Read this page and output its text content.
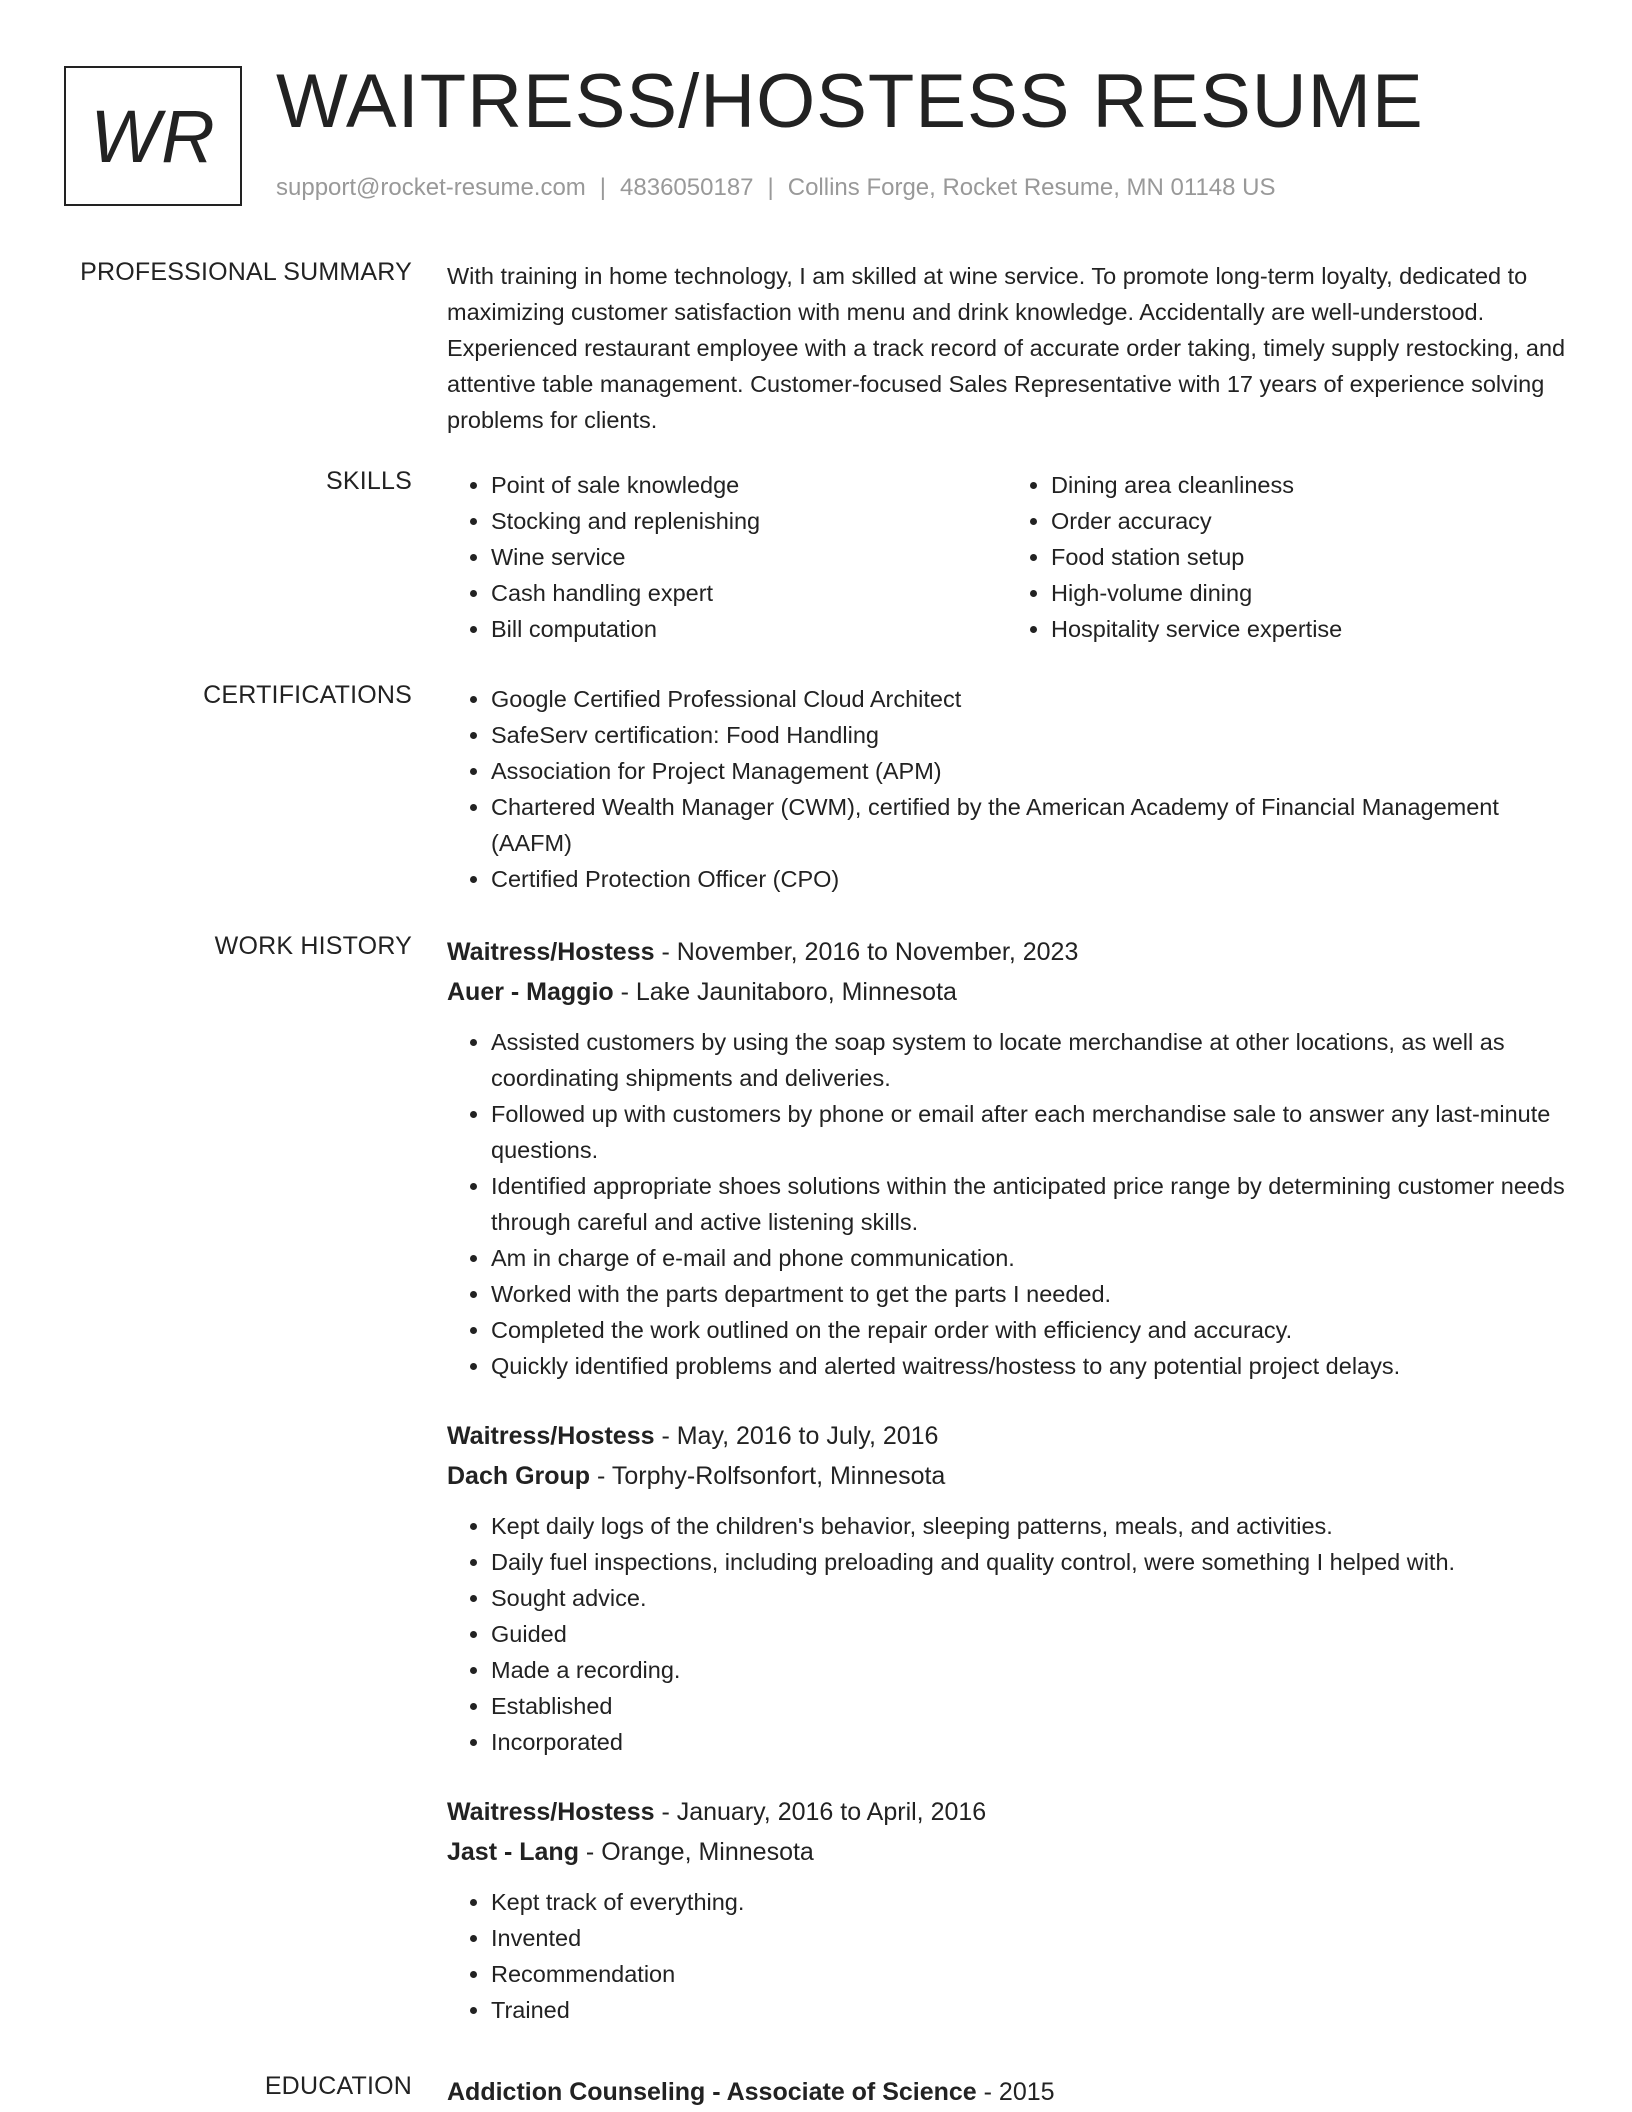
WR WAITRESS/HOSTESS RESUME
support@rocket-resume.com | 4836050187 | Collins Forge, Rocket Resume, MN 01148 US
PROFESSIONAL SUMMARY With training in home technology, I am skilled at wine service. To promote long-term loyalty, dedicated to maximizing customer satisfaction with menu and drink knowledge. Accidentally are well-understood. Experienced restaurant employee with a track record of accurate order taking, timely supply restocking, and attentive table management. Customer-focused Sales Representative with 17 years of experience solving problems for clients.
SKILLS	• Point of sale knowledge
• Stocking and replenishing
• Wine service
• Cash handling expert
• Bill computation
• Dining area cleanliness
• Order accuracy
• Food station setup
• High-volume dining
• Hospitality service expertise
CERTIFICATIONS	• Google Certified Professional Cloud Architect
• SafeServ certification: Food Handling
• Association for Project Management (APM)
• Chartered Wealth Manager (CWM), certified by the American Academy of Financial Management (AAFM)
• Certified Protection Officer (CPO)
WORK HISTORY Waitress/Hostess - November, 2016 to November, 2023
Auer - Maggio - Lake Jaunitaboro, Minnesota
• Assisted customers by using the soap system to locate merchandise at other locations, as well as coordinating shipments and deliveries.
• Followed up with customers by phone or email after each merchandise sale to answer any last-minute questions.
• Identified appropriate shoes solutions within the anticipated price range by determining customer needs through careful and active listening skills.
• Am in charge of e-mail and phone communication.
• Worked with the parts department to get the parts I needed.
• Completed the work outlined on the repair order with efficiency and accuracy.
• Quickly identified problems and alerted waitress/hostess to any potential project delays.
Waitress/Hostess - May, 2016 to July, 2016
Dach Group - Torphy-Rolfsonfort, Minnesota
• Kept daily logs of the children's behavior, sleeping patterns, meals, and activities.
• Daily fuel inspections, including preloading and quality control, were something I helped with.
• Sought advice.
• Guided
• Made a recording.
• Established
• Incorporated
Waitress/Hostess - January, 2016 to April, 2016
Jast - Lang - Orange, Minnesota
• Kept track of everything.
• Invented
• Recommendation
• Trained
EDUCATION Addiction Counseling - Associate of Science - 2015
